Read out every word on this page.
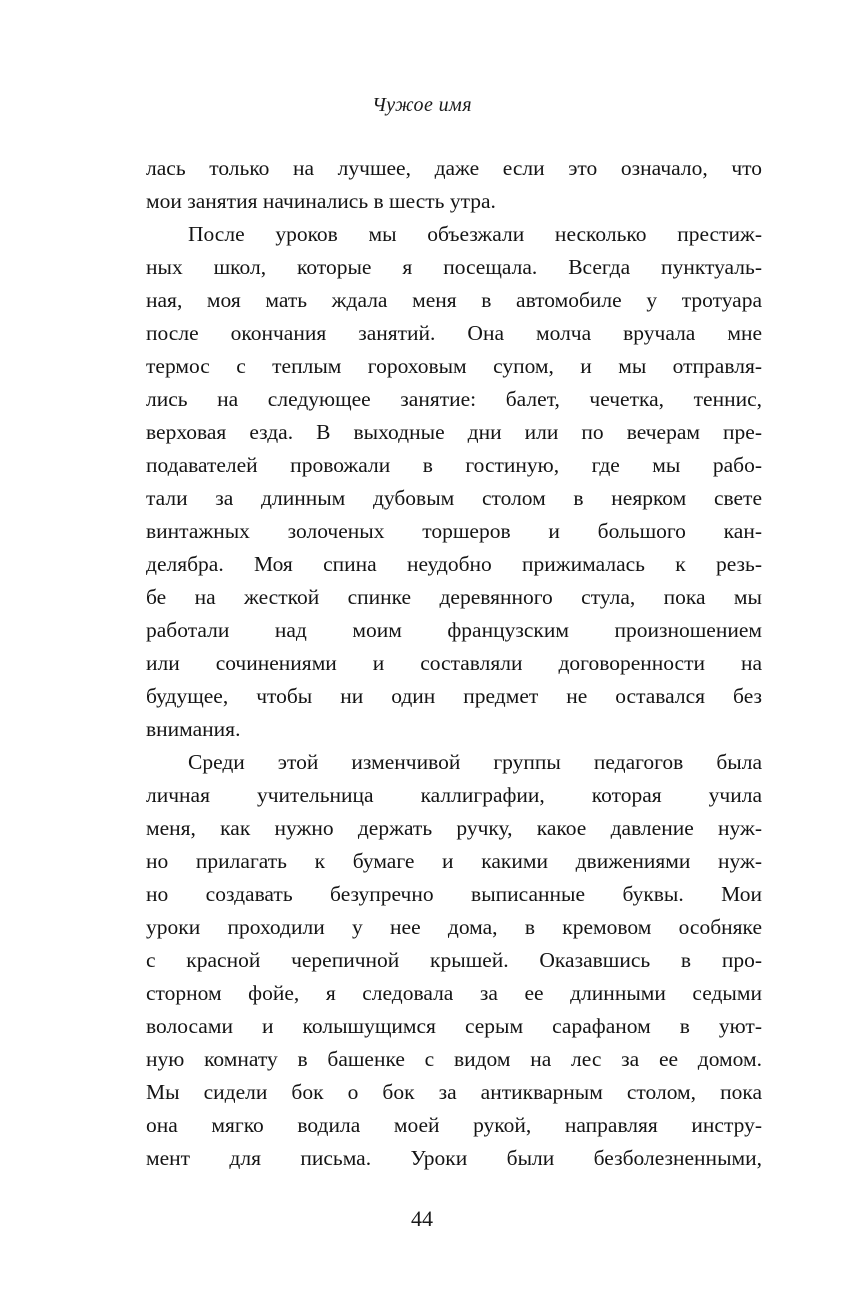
Чужое имя

лась только на лучшее, даже если это означало, что
мои занятия начинались в шесть утра.

После уроков мы объезжали несколько престиж-
ных школ, которые я посещала. Всегда пунктуаль-
ная, моя мать ждала меня в автомобиле у тротуара
после окончания занятий. Она молча вручала мне
термос с теплым гороховым супом, и мы отправля-
лись на следующее занятие: балет, чечетка, теннис,
верховая езда. В выходные дни или по вечерам пре-
подавателей провожали в гостиную, где мы рабо-
тали за длинным дубовым столом в неярком свете
винтажных золоченых торшеров и большого кан-
делябра. Моя спина неудобно прижималась к резь-
бе на жесткой спинке деревянного стула, пока мы
работали над моим французским произношением
или сочинениями и составляли договоренности на
будущее, чтобы ни один предмет не оставался без
внимания.

Среди этой изменчивой группы педагогов была
личная учительница каллиграфии, которая учила
меня, как нужно держать ручку, какое давление нуж-
но прилагать к бумаге и какими движениями нуж-
но создавать безупречно выписанные буквы. Мои
уроки проходили у нее дома, в кремовом особняке
с красной черепичной крышей. Оказавшись в про-
сторном фойе, я следовала за ее длинными седыми
волосами и колышущимся серым сарафаном в уют-
ную комнату в башенке с видом на лес за ее домом.
Мы сидели бок о бок за антикварным столом, пока
она мягко водила моей рукой, направляя инстру-
мент для письма. Уроки были безболезненными,

44
